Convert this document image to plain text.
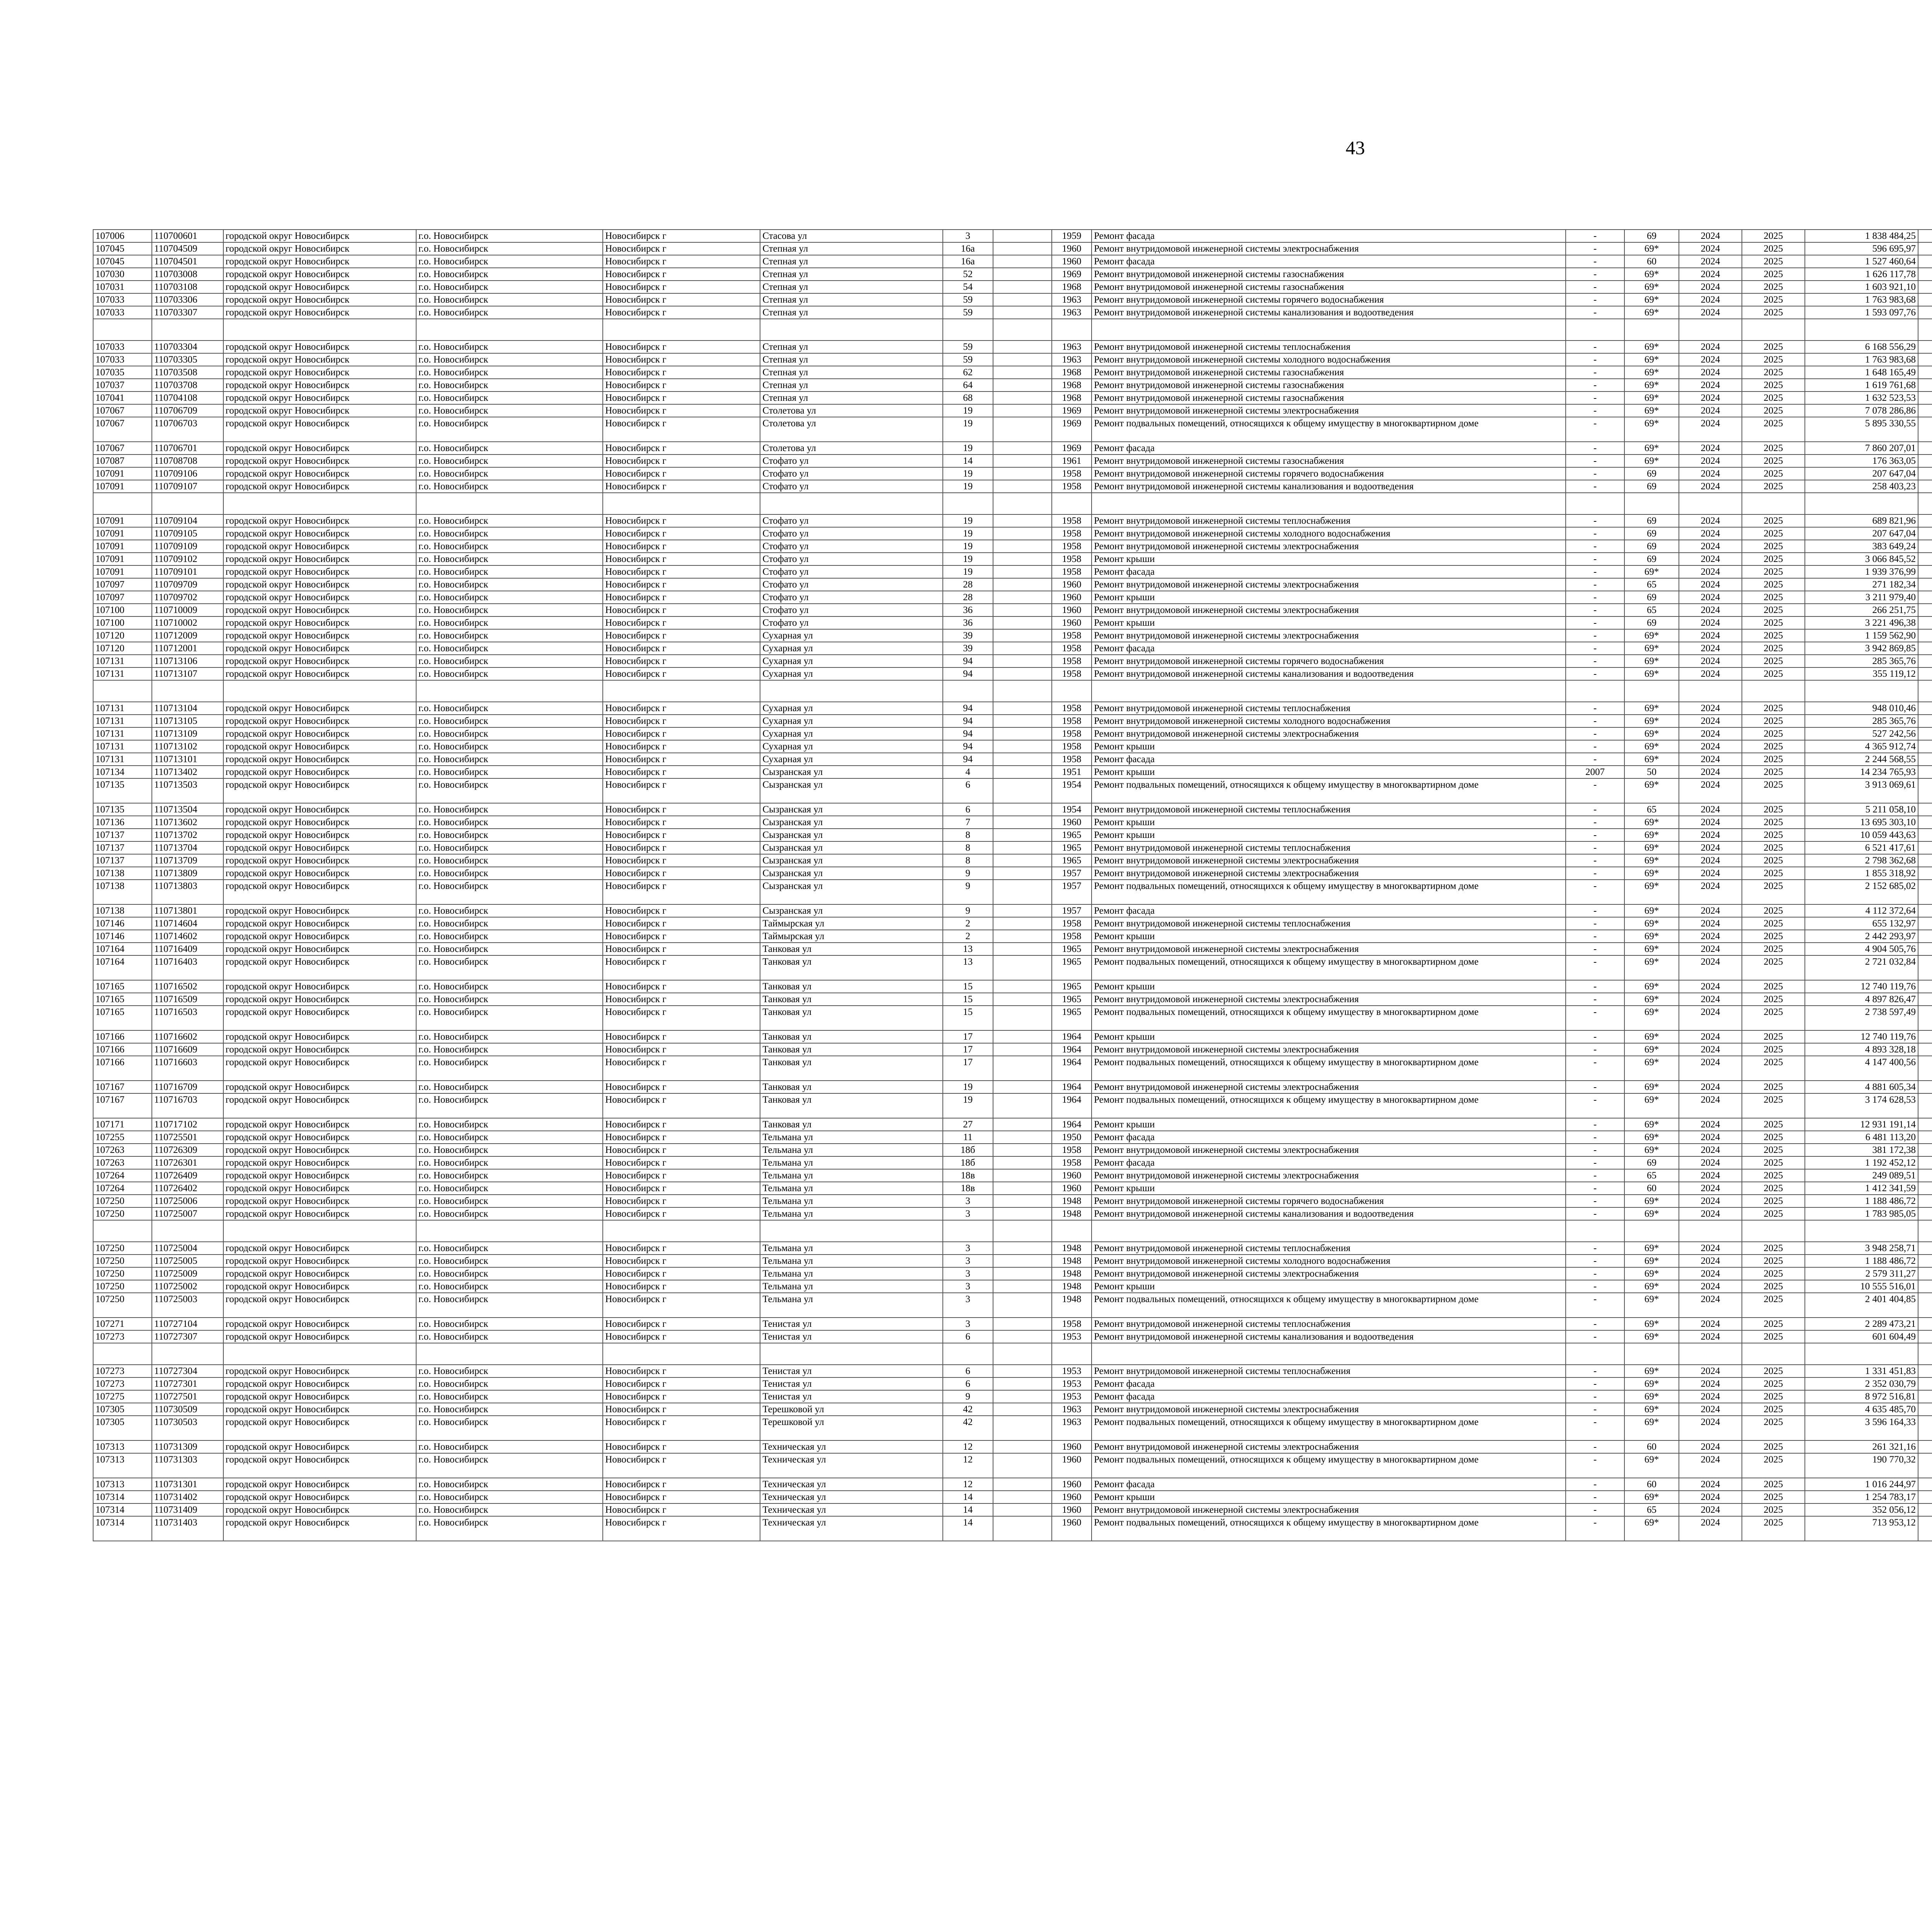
43
107006	110700601	городской округ Новосибирск	г.о. Новосибирск	Новосибирск г	Стасова ул	3		1959	Ремонт фасада	-	69	2024	2025	1 838 484,25							
107045	110704509	городской округ Новосибирск	г.о. Новосибирск	Новосибирск г	Степная ул	16а		1960	Ремонт внутридомовой инженерной системы электроснабжения	-	69*	2024	2025	596 695,97							
107045	110704501	городской округ Новосибирск	г.о. Новосибирск	Новосибирск г	Степная ул	16а		1960	Ремонт фасада	-	60	2024	2025	1 527 460,64							
107030	110703008	городской округ Новосибирск	г.о. Новосибирск	Новосибирск г	Степная ул	52		1969	Ремонт внутридомовой инженерной системы газоснабжения	-	69*	2024	2025	1 626 117,78							
107031	110703108	городской округ Новосибирск	г.о. Новосибирск	Новосибирск г	Степная ул	54		1968	Ремонт внутридомовой инженерной системы газоснабжения	-	69*	2024	2025	1 603 921,10							
107033	110703306	городской округ Новосибирск	г.о. Новосибирск	Новосибирск г	Степная ул	59		1963	Ремонт внутридомовой инженерной системы горячего водоснабжения	-	69*	2024	2025	1 763 983,68							
107033	110703307	городской округ Новосибирск	г.о. Новосибирск	Новосибирск г	Степная ул	59		1963	Ремонт внутридомовой инженерной системы канализования и водоотведения	-	69*	2024	2025	1 593 097,76							

107033	110703304	городской округ Новосибирск	г.о. Новосибирск	Новосибирск г	Степная ул	59		1963	Ремонт внутридомовой инженерной системы теплоснабжения	-	69*	2024	2025	6 168 556,29							
107033	110703305	городской округ Новосибирск	г.о. Новосибирск	Новосибирск г	Степная ул	59		1963	Ремонт внутридомовой инженерной системы холодного водоснабжения	-	69*	2024	2025	1 763 983,68							
107035	110703508	городской округ Новосибирск	г.о. Новосибирск	Новосибирск г	Степная ул	62		1968	Ремонт внутридомовой инженерной системы газоснабжения	-	69*	2024	2025	1 648 165,49							
107037	110703708	городской округ Новосибирск	г.о. Новосибирск	Новосибирск г	Степная ул	64		1968	Ремонт внутридомовой инженерной системы газоснабжения	-	69*	2024	2025	1 619 761,68							
107041	110704108	городской округ Новосибирск	г.о. Новосибирск	Новосибирск г	Степная ул	68		1968	Ремонт внутридомовой инженерной системы газоснабжения	-	69*	2024	2025	1 632 523,53							
107067	110706709	городской округ Новосибирск	г.о. Новосибирск	Новосибирск г	Столетова ул	19		1969	Ремонт внутридомовой инженерной системы электроснабжения	-	69*	2024	2025	7 078 286,86							
107067	110706703	городской округ Новосибирск	г.о. Новосибирск	Новосибирск г	Столетова ул	19		1969	Ремонт подвальных помещений, относящихся к общему имуществу в многоквартирном доме	-	69*	2024	2025	5 895 330,55							
107067	110706701	городской округ Новосибирск	г.о. Новосибирск	Новосибирск г	Столетова ул	19		1969	Ремонт фасада	-	69*	2024	2025	7 860 207,01							
107087	110708708	городской округ Новосибирск	г.о. Новосибирск	Новосибирск г	Стофато ул	14		1961	Ремонт внутридомовой инженерной системы газоснабжения	-	69*	2024	2025	176 363,05							
107091	110709106	городской округ Новосибирск	г.о. Новосибирск	Новосибирск г	Стофато ул	19		1958	Ремонт внутридомовой инженерной системы горячего водоснабжения	-	69	2024	2025	207 647,04							
107091	110709107	городской округ Новосибирск	г.о. Новосибирск	Новосибирск г	Стофато ул	19		1958	Ремонт внутридомовой инженерной системы канализования и водоотведения	-	69	2024	2025	258 403,23							

107091	110709104	городской округ Новосибирск	г.о. Новосибирск	Новосибирск г	Стофато ул	19		1958	Ремонт внутридомовой инженерной системы теплоснабжения	-	69	2024	2025	689 821,96							
107091	110709105	городской округ Новосибирск	г.о. Новосибирск	Новосибирск г	Стофато ул	19		1958	Ремонт внутридомовой инженерной системы холодного водоснабжения	-	69	2024	2025	207 647,04							
107091	110709109	городской округ Новосибирск	г.о. Новосибирск	Новосибирск г	Стофато ул	19		1958	Ремонт внутридомовой инженерной системы электроснабжения	-	69	2024	2025	383 649,24							
107091	110709102	городской округ Новосибирск	г.о. Новосибирск	Новосибирск г	Стофато ул	19		1958	Ремонт крыши	-	69	2024	2025	3 066 845,52							
107091	110709101	городской округ Новосибирск	г.о. Новосибирск	Новосибирск г	Стофато ул	19		1958	Ремонт фасада	-	69*	2024	2025	1 939 376,99							
107097	110709709	городской округ Новосибирск	г.о. Новосибирск	Новосибирск г	Стофато ул	28		1960	Ремонт внутридомовой инженерной системы электроснабжения	-	65	2024	2025	271 182,34							
107097	110709702	городской округ Новосибирск	г.о. Новосибирск	Новосибирск г	Стофато ул	28		1960	Ремонт крыши	-	69	2024	2025	3 211 979,40							
107100	110710009	городской округ Новосибирск	г.о. Новосибирск	Новосибирск г	Стофато ул	36		1960	Ремонт внутридомовой инженерной системы электроснабжения	-	65	2024	2025	266 251,75							
107100	110710002	городской округ Новосибирск	г.о. Новосибирск	Новосибирск г	Стофато ул	36		1960	Ремонт крыши	-	69	2024	2025	3 221 496,38							
107120	110712009	городской округ Новосибирск	г.о. Новосибирск	Новосибирск г	Сухарная ул	39		1958	Ремонт внутридомовой инженерной системы электроснабжения	-	69*	2024	2025	1 159 562,90							
107120	110712001	городской округ Новосибирск	г.о. Новосибирск	Новосибирск г	Сухарная ул	39		1958	Ремонт фасада	-	69*	2024	2025	3 942 869,85							
107131	110713106	городской округ Новосибирск	г.о. Новосибирск	Новосибирск г	Сухарная ул	94		1958	Ремонт внутридомовой инженерной системы горячего водоснабжения	-	69*	2024	2025	285 365,76							
107131	110713107	городской округ Новосибирск	г.о. Новосибирск	Новосибирск г	Сухарная ул	94		1958	Ремонт внутридомовой инженерной системы канализования и водоотведения	-	69*	2024	2025	355 119,12							

107131	110713104	городской округ Новосибирск	г.о. Новосибирск	Новосибирск г	Сухарная ул	94		1958	Ремонт внутридомовой инженерной системы теплоснабжения	-	69*	2024	2025	948 010,46							
107131	110713105	городской округ Новосибирск	г.о. Новосибирск	Новосибирск г	Сухарная ул	94		1958	Ремонт внутридомовой инженерной системы холодного водоснабжения	-	69*	2024	2025	285 365,76							
107131	110713109	городской округ Новосибирск	г.о. Новосибирск	Новосибирск г	Сухарная ул	94		1958	Ремонт внутридомовой инженерной системы электроснабжения	-	69*	2024	2025	527 242,56							
107131	110713102	городской округ Новосибирск	г.о. Новосибирск	Новосибирск г	Сухарная ул	94		1958	Ремонт крыши	-	69*	2024	2025	4 365 912,74							
107131	110713101	городской округ Новосибирск	г.о. Новосибирск	Новосибирск г	Сухарная ул	94		1958	Ремонт фасада	-	69*	2024	2025	2 244 568,55							
107134	110713402	городской округ Новосибирск	г.о. Новосибирск	Новосибирск г	Сызранская ул	4		1951	Ремонт крыши	2007	50	2024	2025	14 234 765,93							
107135	110713503	городской округ Новосибирск	г.о. Новосибирск	Новосибирск г	Сызранская ул	6		1954	Ремонт подвальных помещений, относящихся к общему имуществу в многоквартирном доме	-	69*	2024	2025	3 913 069,61							
107135	110713504	городской округ Новосибирск	г.о. Новосибирск	Новосибирск г	Сызранская ул	6		1954	Ремонт внутридомовой инженерной системы теплоснабжения	-	65	2024	2025	5 211 058,10							
107136	110713602	городской округ Новосибирск	г.о. Новосибирск	Новосибирск г	Сызранская ул	7		1960	Ремонт крыши	-	69*	2024	2025	13 695 303,10							
107137	110713702	городской округ Новосибирск	г.о. Новосибирск	Новосибирск г	Сызранская ул	8		1965	Ремонт крыши	-	69*	2024	2025	10 059 443,63							
107137	110713704	городской округ Новосибирск	г.о. Новосибирск	Новосибирск г	Сызранская ул	8		1965	Ремонт внутридомовой инженерной системы теплоснабжения	-	69*	2024	2025	6 521 417,61							
107137	110713709	городской округ Новосибирск	г.о. Новосибирск	Новосибирск г	Сызранская ул	8		1965	Ремонт внутридомовой инженерной системы электроснабжения	-	69*	2024	2025	2 798 362,68							
107138	110713809	городской округ Новосибирск	г.о. Новосибирск	Новосибирск г	Сызранская ул	9		1957	Ремонт внутридомовой инженерной системы электроснабжения	-	69*	2024	2025	1 855 318,92							
107138	110713803	городской округ Новосибирск	г.о. Новосибирск	Новосибирск г	Сызранская ул	9		1957	Ремонт подвальных помещений, относящихся к общему имуществу в многоквартирном доме	-	69*	2024	2025	2 152 685,02							
107138	110713801	городской округ Новосибирск	г.о. Новосибирск	Новосибирск г	Сызранская ул	9		1957	Ремонт фасада	-	69*	2024	2025	4 112 372,64							
107146	110714604	городской округ Новосибирск	г.о. Новосибирск	Новосибирск г	Таймырская ул	2		1958	Ремонт внутридомовой инженерной системы теплоснабжения	-	69*	2024	2025	655 132,97							
107146	110714602	городской округ Новосибирск	г.о. Новосибирск	Новосибирск г	Таймырская ул	2		1958	Ремонт крыши	-	69*	2024	2025	2 442 293,97							
107164	110716409	городской округ Новосибирск	г.о. Новосибирск	Новосибирск г	Танковая ул	13		1965	Ремонт внутридомовой инженерной системы электроснабжения	-	69*	2024	2025	4 904 505,76							
107164	110716403	городской округ Новосибирск	г.о. Новосибирск	Новосибирск г	Танковая ул	13		1965	Ремонт подвальных помещений, относящихся к общему имуществу в многоквартирном доме	-	69*	2024	2025	2 721 032,84							
107165	110716502	городской округ Новосибирск	г.о. Новосибирск	Новосибирск г	Танковая ул	15		1965	Ремонт крыши	-	69*	2024	2025	12 740 119,76							
107165	110716509	городской округ Новосибирск	г.о. Новосибирск	Новосибирск г	Танковая ул	15		1965	Ремонт внутридомовой инженерной системы электроснабжения	-	69*	2024	2025	4 897 826,47							
107165	110716503	городской округ Новосибирск	г.о. Новосибирск	Новосибирск г	Танковая ул	15		1965	Ремонт подвальных помещений, относящихся к общему имуществу в многоквартирном доме	-	69*	2024	2025	2 738 597,49							
107166	110716602	городской округ Новосибирск	г.о. Новосибирск	Новосибирск г	Танковая ул	17		1964	Ремонт крыши	-	69*	2024	2025	12 740 119,76							
107166	110716609	городской округ Новосибирск	г.о. Новосибирск	Новосибирск г	Танковая ул	17		1964	Ремонт внутридомовой инженерной системы электроснабжения	-	69*	2024	2025	4 893 328,18							
107166	110716603	городской округ Новосибирск	г.о. Новосибирск	Новосибирск г	Танковая ул	17		1964	Ремонт подвальных помещений, относящихся к общему имуществу в многоквартирном доме	-	69*	2024	2025	4 147 400,56							
107167	110716709	городской округ Новосибирск	г.о. Новосибирск	Новосибирск г	Танковая ул	19		1964	Ремонт внутридомовой инженерной системы электроснабжения	-	69*	2024	2025	4 881 605,34							
107167	110716703	городской округ Новосибирск	г.о. Новосибирск	Новосибирск г	Танковая ул	19		1964	Ремонт подвальных помещений, относящихся к общему имуществу в многоквартирном доме	-	69*	2024	2025	3 174 628,53							
107171	110717102	городской округ Новосибирск	г.о. Новосибирск	Новосибирск г	Танковая ул	27		1964	Ремонт крыши	-	69*	2024	2025	12 931 191,14							
107255	110725501	городской округ Новосибирск	г.о. Новосибирск	Новосибирск г	Тельмана ул	11		1950	Ремонт фасада	-	69*	2024	2025	6 481 113,20							
107263	110726309	городской округ Новосибирск	г.о. Новосибирск	Новосибирск г	Тельмана ул	18б		1958	Ремонт внутридомовой инженерной системы электроснабжения	-	69*	2024	2025	381 172,38							
107263	110726301	городской округ Новосибирск	г.о. Новосибирск	Новосибирск г	Тельмана ул	18б		1958	Ремонт фасада	-	69	2024	2025	1 192 452,12							
107264	110726409	городской округ Новосибирск	г.о. Новосибирск	Новосибирск г	Тельмана ул	18в		1960	Ремонт внутридомовой инженерной системы электроснабжения	-	65	2024	2025	249 089,51							
107264	110726402	городской округ Новосибирск	г.о. Новосибирск	Новосибирск г	Тельмана ул	18в		1960	Ремонт крыши	-	60	2024	2025	1 412 341,59							
107250	110725006	городской округ Новосибирск	г.о. Новосибирск	Новосибирск г	Тельмана ул	3		1948	Ремонт внутридомовой инженерной системы горячего водоснабжения	-	69*	2024	2025	1 188 486,72							
107250	110725007	городской округ Новосибирск	г.о. Новосибирск	Новосибирск г	Тельмана ул	3		1948	Ремонт внутридомовой инженерной системы канализования и водоотведения	-	69*	2024	2025	1 783 985,05							

107250	110725004	городской округ Новосибирск	г.о. Новосибирск	Новосибирск г	Тельмана ул	3		1948	Ремонт внутридомовой инженерной системы теплоснабжения	-	69*	2024	2025	3 948 258,71							
107250	110725005	городской округ Новосибирск	г.о. Новосибирск	Новосибирск г	Тельмана ул	3		1948	Ремонт внутридомовой инженерной системы холодного водоснабжения	-	69*	2024	2025	1 188 486,72							
107250	110725009	городской округ Новосибирск	г.о. Новосибирск	Новосибирск г	Тельмана ул	3		1948	Ремонт внутридомовой инженерной системы электроснабжения	-	69*	2024	2025	2 579 311,27							
107250	110725002	городской округ Новосибирск	г.о. Новосибирск	Новосибирск г	Тельмана ул	3		1948	Ремонт крыши	-	69*	2024	2025	10 555 516,01							
107250	110725003	городской округ Новосибирск	г.о. Новосибирск	Новосибирск г	Тельмана ул	3		1948	Ремонт подвальных помещений, относящихся к общему имуществу в многоквартирном доме	-	69*	2024	2025	2 401 404,85							
107271	110727104	городской округ Новосибирск	г.о. Новосибирск	Новосибирск г	Тенистая ул	3		1958	Ремонт внутридомовой инженерной системы теплоснабжения	-	69*	2024	2025	2 289 473,21							
107273	110727307	городской округ Новосибирск	г.о. Новосибирск	Новосибирск г	Тенистая ул	6		1953	Ремонт внутридомовой инженерной системы канализования и водоотведения	-	69*	2024	2025	601 604,49							

107273	110727304	городской округ Новосибирск	г.о. Новосибирск	Новосибирск г	Тенистая ул	6		1953	Ремонт внутридомовой инженерной системы теплоснабжения	-	69*	2024	2025	1 331 451,83							
107273	110727301	городской округ Новосибирск	г.о. Новосибирск	Новосибирск г	Тенистая ул	6		1953	Ремонт фасада	-	69*	2024	2025	2 352 030,79							
107275	110727501	городской округ Новосибирск	г.о. Новосибирск	Новосибирск г	Тенистая ул	9		1953	Ремонт фасада	-	69*	2024	2025	8 972 516,81							
107305	110730509	городской округ Новосибирск	г.о. Новосибирск	Новосибирск г	Терешковой ул	42		1963	Ремонт внутридомовой инженерной системы электроснабжения	-	69*	2024	2025	4 635 485,70							
107305	110730503	городской округ Новосибирск	г.о. Новосибирск	Новосибирск г	Терешковой ул	42		1963	Ремонт подвальных помещений, относящихся к общему имуществу в многоквартирном доме	-	69*	2024	2025	3 596 164,33							
107313	110731309	городской округ Новосибирск	г.о. Новосибирск	Новосибирск г	Техническая ул	12		1960	Ремонт внутридомовой инженерной системы электроснабжения	-	60	2024	2025	261 321,16							
107313	110731303	городской округ Новосибирск	г.о. Новосибирск	Новосибирск г	Техническая ул	12		1960	Ремонт подвальных помещений, относящихся к общему имуществу в многоквартирном доме	-	69*	2024	2025	190 770,32							
107313	110731301	городской округ Новосибирск	г.о. Новосибирск	Новосибирск г	Техническая ул	12		1960	Ремонт фасада	-	60	2024	2025	1 016 244,97							
107314	110731402	городской округ Новосибирск	г.о. Новосибирск	Новосибирск г	Техническая ул	14		1960	Ремонт крыши	-	69*	2024	2025	1 254 783,17							
107314	110731409	городской округ Новосибирск	г.о. Новосибирск	Новосибирск г	Техническая ул	14		1960	Ремонт внутридомовой инженерной системы электроснабжения	-	65	2024	2025	352 056,12							
107314	110731403	городской округ Новосибирск	г.о. Новосибирск	Новосибирск г	Техническая ул	14		1960	Ремонт подвальных помещений, относящихся к общему имуществу в многоквартирном доме	-	69*	2024	2025	713 953,12							
